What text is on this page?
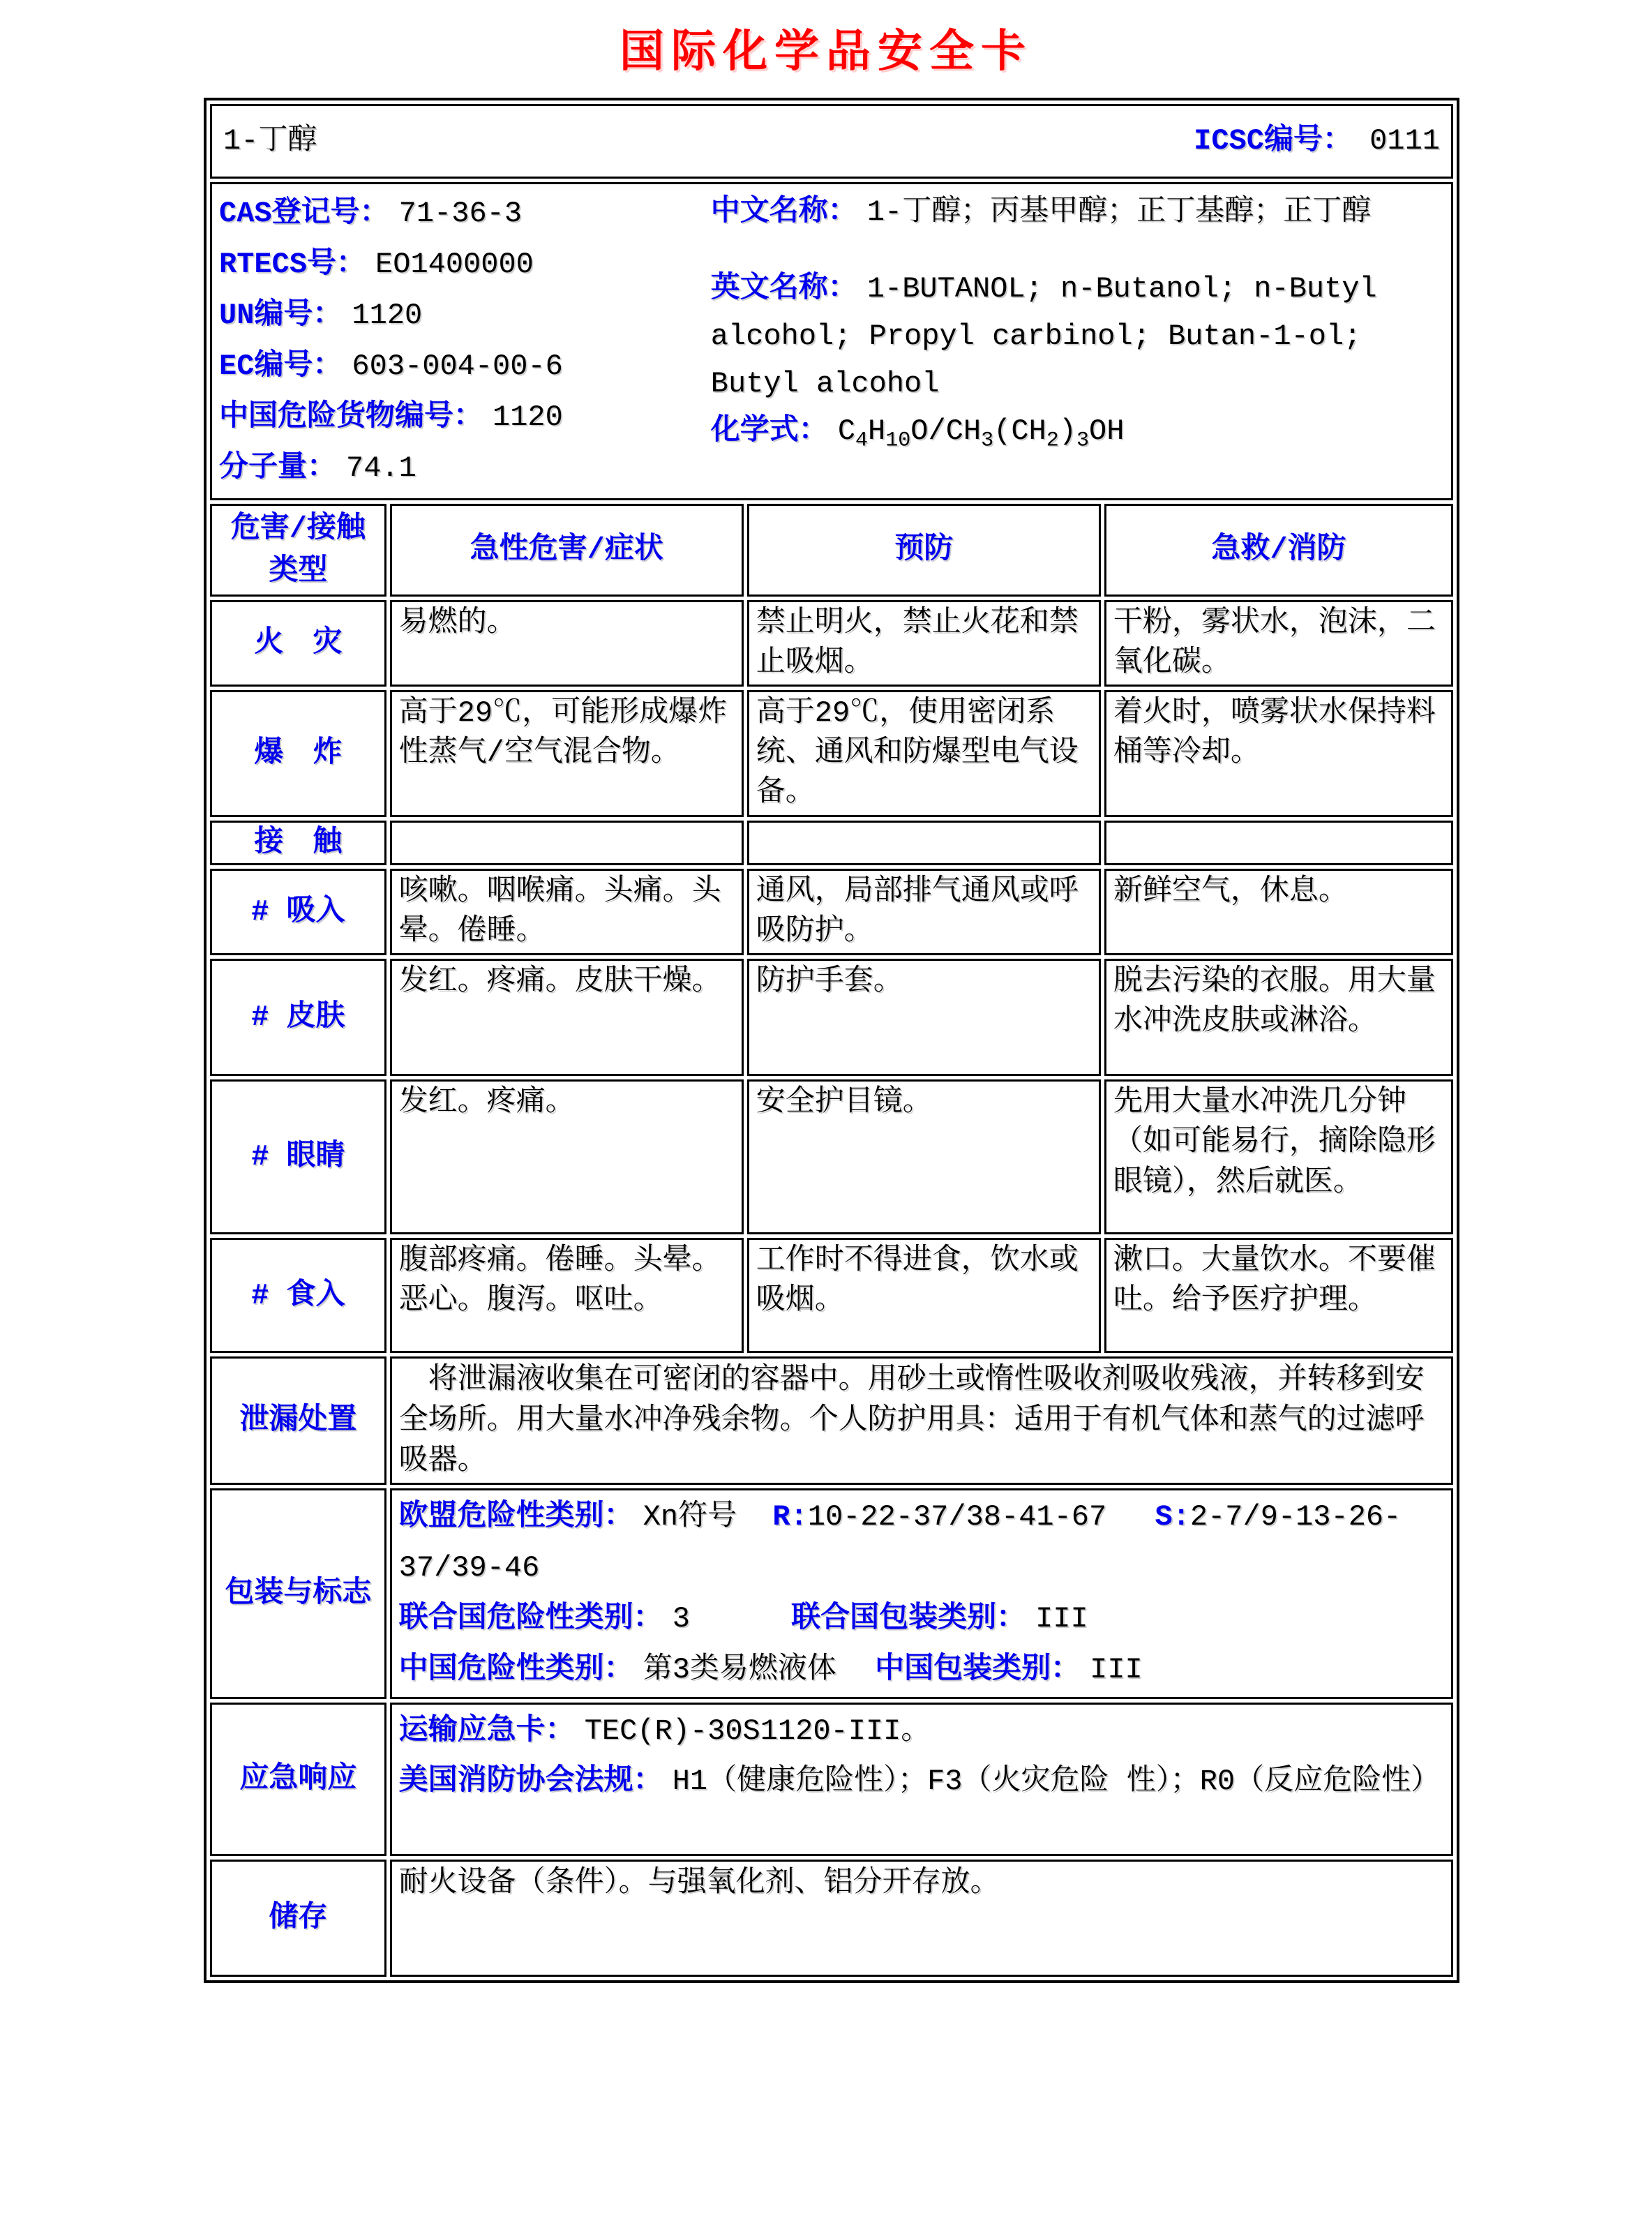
国际化学品安全卡
1-丁醇 ICSC编号： 0111			

CAS登记号： 71-36-3
RTECS号： EO1400000
UN编号： 1120
EC编号： 603-004-00-6
中国危险货物编号： 1120
分子量： 74.1
中文名称： 1-丁醇；丙基甲醇；正丁基醇；正丁醇
英文名称： 1-BUTANOL; n-Butanol; n-Butyl alcohol; Propyl carbinol; Butan-1-ol; Butyl alcohol
化学式： $C_4H_{10}O/CH_3(CH_2)_3OH$

危害/接触
类型	急性危害/症状	预防	急救/消防
火　灾	易燃的。	禁止明火，禁止火花和禁止吸烟。	干粉，雾状水，泡沫，二氧化碳。
爆　炸	高于29℃，可能形成爆炸性蒸气/空气混合物。	高于29℃，使用密闭系统、通风和防爆型电气设备。	着火时，喷雾状水保持料桶等冷却。
接　触			
# 吸入	咳嗽。咽喉痛。头痛。头晕。倦睡。	通风，局部排气通风或呼吸防护。	新鲜空气，休息。
# 皮肤	发红。疼痛。皮肤干燥。	防护手套。	脱去污染的衣服。用大量水冲洗皮肤或淋浴。
# 眼睛	发红。疼痛。	安全护目镜。	先用大量水冲洗几分钟（如可能易行，摘除隐形眼镜），然后就医。
# 食入	腹部疼痛。倦睡。头晕。恶心。腹泻。呕吐。	工作时不得进食，饮水或吸烟。	漱口。大量饮水。不要催吐。给予医疗护理。
泄漏处置	　将泄漏液收集在可密闭的容器中。用砂土或惰性吸收剂吸收残液，并转移到安全场所。用大量水冲净残余物。个人防护用具：适用于有机气体和蒸气的过滤呼吸器。		
包装与标志	欧盟危险性类别： Xn符号 R:10-22-37/38-41-67 S:2-7/9-13-26-37/39-46
联合国危险性类别： 3 联合国包装类别： III
中国危险性类别： 第3类易燃液体 中国包装类别： III		

应急响应	运输应急卡： TEC(R)-30S1120-III。
美国消防协会法规： H1（健康危险性）；F3（火灾危险 性）；R0（反应危险性）		

储存	耐火设备（条件）。与强氧化剂、铝分开存放。		
